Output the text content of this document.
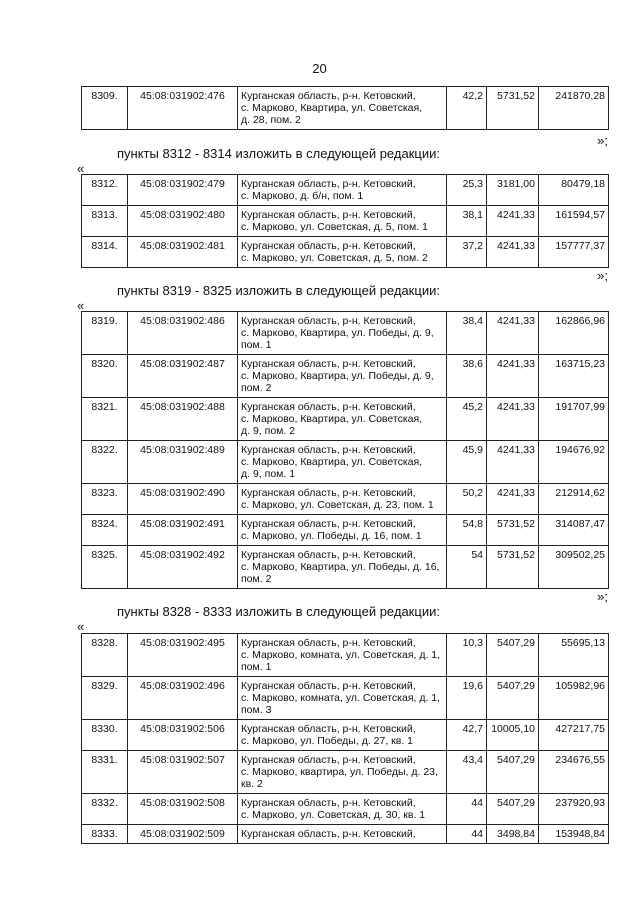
20
8309.	45:08:031902:476	Курганская область, р-н. Кетовский,
с. Марково, Квартира, ул. Советская,
д. 28, пом. 2	42,2	5731,52	241870,28
»;
пункты 8312 - 8314 изложить в следующей редакции:
«
8312.	45:08:031902:479	Курганская область, р-н. Кетовский,
с. Марково, д. б/н, пом. 1	25,3	3181,00	80479,18
8313.	45:08:031902:480	Курганская область, р-н. Кетовский,
с. Марково, ул. Советская, д. 5, пом. 1	38,1	4241,33	161594,57
8314.	45:08:031902:481	Курганская область, р-н. Кетовский,
с. Марково, ул. Советская, д. 5, пом. 2	37,2	4241,33	157777,37
»;
пункты 8319 - 8325 изложить в следующей редакции:
«
8319.	45:08:031902:486	Курганская область, р-н. Кетовский,
с. Марково, Квартира, ул. Победы, д. 9,
пом. 1	38,4	4241,33	162866,96
8320.	45:08:031902:487	Курганская область, р-н. Кетовский,
с. Марково, Квартира, ул. Победы, д. 9,
пом. 2	38,6	4241,33	163715,23
8321.	45:08:031902:488	Курганская область, р-н. Кетовский,
с. Марково, Квартира, ул. Советская,
д. 9, пом. 2	45,2	4241,33	191707,99
8322.	45:08:031902:489	Курганская область, р-н. Кетовский,
с. Марково, Квартира, ул. Советская,
д. 9, пом. 1	45,9	4241,33	194676,92
8323.	45:08:031902:490	Курганская область, р-н. Кетовский,
с. Марково, ул. Советская, д. 23, пом. 1	50,2	4241,33	212914,62
8324.	45:08:031902:491	Курганская область, р-н. Кетовский,
с. Марково, ул. Победы, д. 16, пом. 1	54,8	5731,52	314087,47
8325.	45:08:031902:492	Курганская область, р-н. Кетовский,
с. Марково, Квартира, ул. Победы, д. 16,
пом. 2	54	5731,52	309502,25
»;
пункты 8328 - 8333 изложить в следующей редакции:
«
8328.	45:08:031902:495	Курганская область, р-н. Кетовский,
с. Марково, комната, ул. Советская, д. 1,
пом. 1	10,3	5407,29	55695,13
8329.	45:08:031902:496	Курганская область, р-н. Кетовский,
с. Марково, комната, ул. Советская, д. 1,
пом. 3	19,6	5407,29	105982,96
8330.	45:08:031902:506	Курганская область, р-н. Кетовский,
с. Марково, ул. Победы, д. 27, кв. 1	42,7	10005,10	427217,75
8331.	45:08:031902:507	Курганская область, р-н. Кетовский,
с. Марково, квартира, ул. Победы, д. 23,
кв. 2	43,4	5407,29	234676,55
8332.	45:08:031902:508	Курганская область, р-н. Кетовский,
с. Марково, ул. Советская, д. 30, кв. 1	44	5407,29	237920,93
8333.	45:08:031902:509	Курганская область, р-н. Кетовский,	44	3498,84	153948,84
